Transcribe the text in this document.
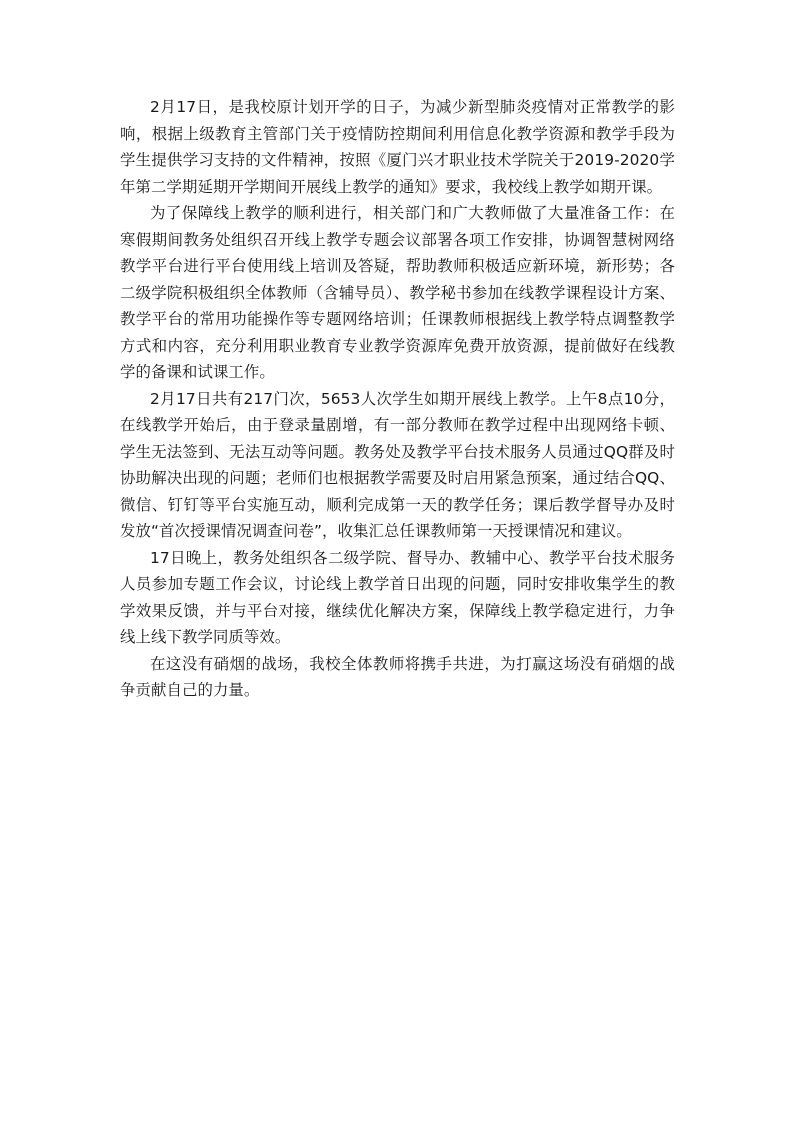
2月17日，是我校原计划开学的日子，为减少新型肺炎疫情对正常教学的影响，根据上级教育主管部门关于疫情防控期间利用信息化教学资源和教学手段为学生提供学习支持的文件精神，按照《厦门兴才职业技术学院关于2019-2020学年第二学期延期开学期间开展线上教学的通知》要求，我校线上教学如期开课。

为了保障线上教学的顺利进行，相关部门和广大教师做了大量准备工作：在寒假期间教务处组织召开线上教学专题会议部署各项工作安排，协调智慧树网络教学平台进行平台使用线上培训及答疑，帮助教师积极适应新环境，新形势；各二级学院积极组织全体教师（含辅导员）、教学秘书参加在线教学课程设计方案、教学平台的常用功能操作等专题网络培训；任课教师根据线上教学特点调整教学方式和内容，充分利用职业教育专业教学资源库免费开放资源，提前做好在线教学的备课和试课工作。

2月17日共有217门次，5653人次学生如期开展线上教学。上午8点10分，在线教学开始后，由于登录量剧增，有一部分教师在教学过程中出现网络卡顿、学生无法签到、无法互动等问题。教务处及教学平台技术服务人员通过QQ群及时协助解决出现的问题；老师们也根据教学需要及时启用紧急预案，通过结合QQ、微信、钉钉等平台实施互动，顺利完成第一天的教学任务；课后教学督导办及时发放“首次授课情况调查问卷”，收集汇总任课教师第一天授课情况和建议。

17日晚上，教务处组织各二级学院、督导办、教辅中心、教学平台技术服务人员参加专题工作会议，讨论线上教学首日出现的问题，同时安排收集学生的教学效果反馈，并与平台对接，继续优化解决方案，保障线上教学稳定进行，力争线上线下教学同质等效。

在这没有硝烟的战场，我校全体教师将携手共进，为打赢这场没有硝烟的战争贡献自己的力量。
